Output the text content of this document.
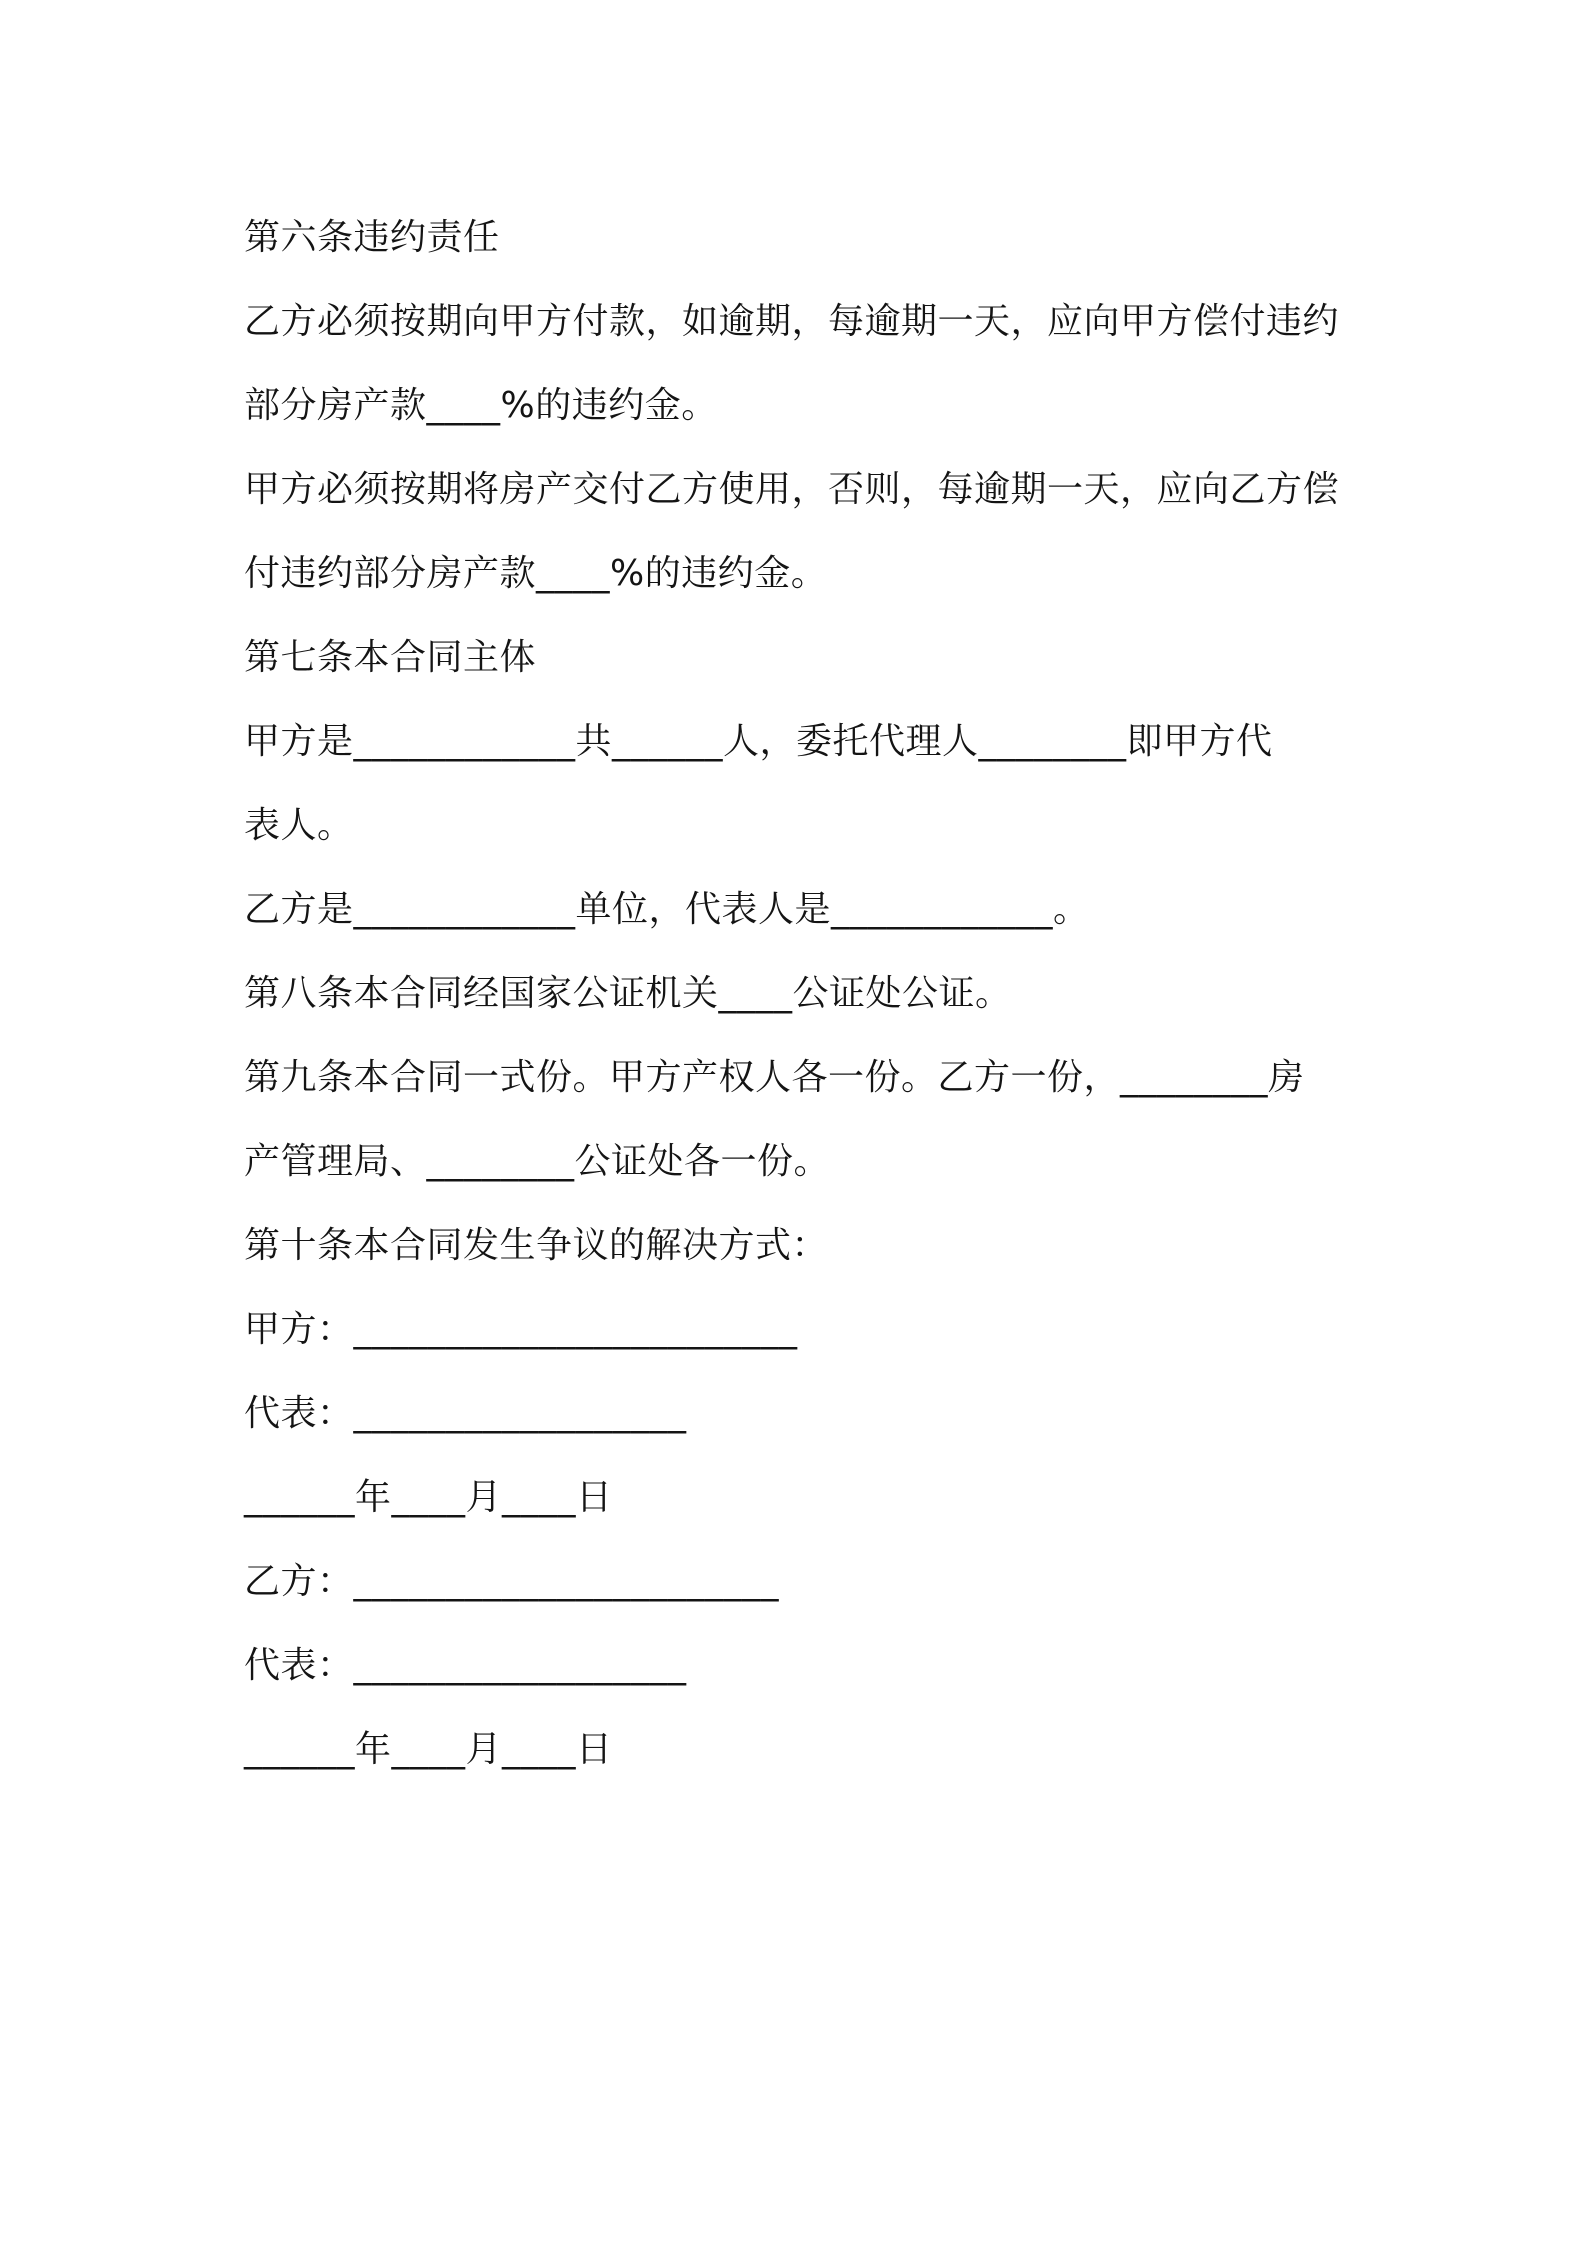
第六条违约责任
乙方必须按期向甲方付款，如逾期，每逾期一天，应向甲方偿付违约
部分房产款____%的违约金。
甲方必须按期将房产交付乙方使用，否则，每逾期一天，应向乙方偿
付违约部分房产款____%的违约金。
第七条本合同主体
甲方是____________共______人，委托代理人________即甲方代
表人。
乙方是____________单位，代表人是____________。
第八条本合同经国家公证机关____公证处公证。
第九条本合同一式份。甲方产权人各一份。乙方一份，________房
产管理局、________公证处各一份。
第十条本合同发生争议的解决方式：
甲方：________________________
代表：__________________
______年____月____日
乙方：_______________________
代表：__________________
______年____月____日
